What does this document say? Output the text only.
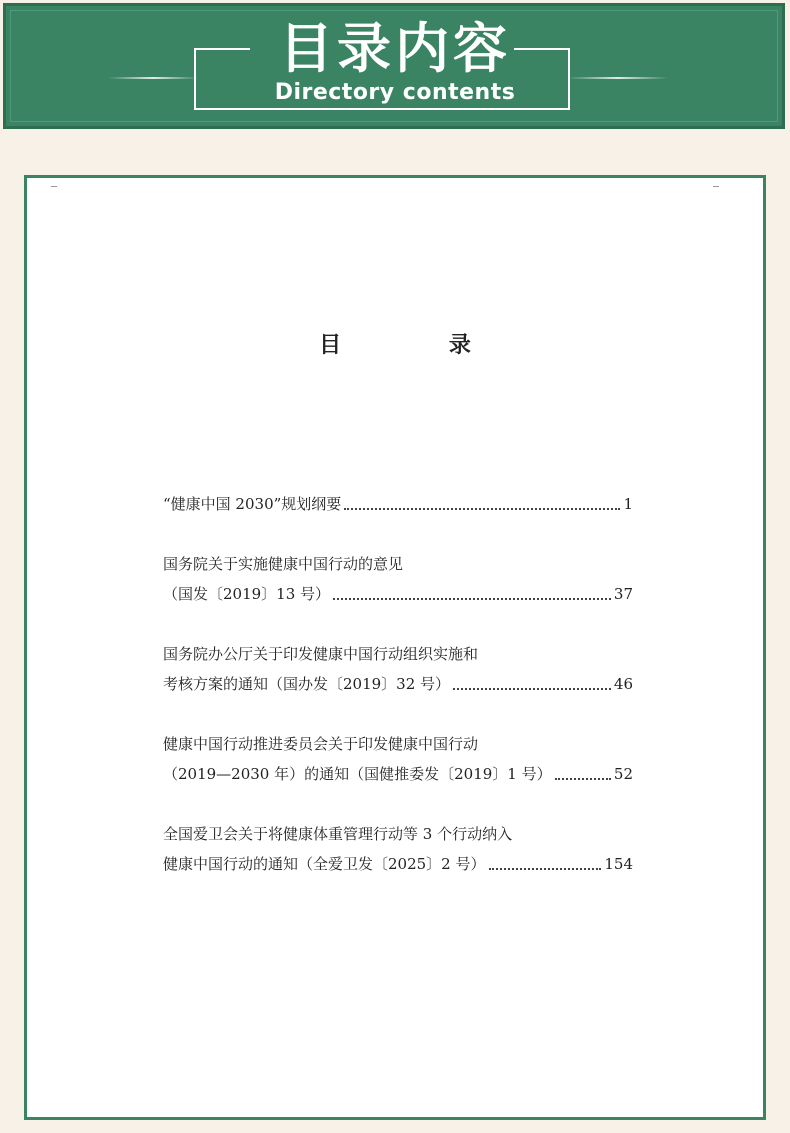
目录内容
Directory contents
目 录
“健康中国 2030”规划纲要	1
国务院关于实施健康中国行动的意见
（国发〔2019〕13 号）	37
国务院办公厅关于印发健康中国行动组织实施和
考核方案的通知（国办发〔2019〕32 号）	46
健康中国行动推进委员会关于印发健康中国行动
（2019—2030 年）的通知（国健推委发〔2019〕1 号）	52
全国爱卫会关于将健康体重管理行动等 3 个行动纳入
健康中国行动的通知（全爱卫发〔2025〕2 号）	154
